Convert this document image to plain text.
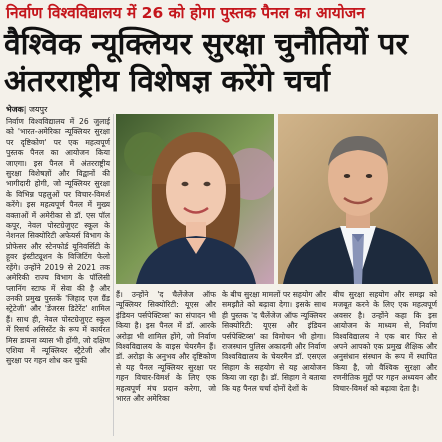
निर्वाण विश्वविद्यालय में 26 को होगा पुस्तक पैनल का आयोजन
वैश्विक न्यूक्लियर सुरक्षा चुनौतियों पर अंतरराष्ट्रीय विशेषज्ञ करेंगे चर्चा
भेजक| जयपुर

निर्वाण विश्वविद्यालय में 26 जुलाई को 'भारत-अमेरिका न्यूक्लियर सुरक्षा पर दृष्टिकोण' पर एक महत्वपूर्ण पुस्तक पैनल का आयोजन किया जाएगा। इस पैनल में अंतरराष्ट्रीय सुरक्षा विशेषज्ञों और विद्वानों की भागीदारी होगी, जो न्यूक्लियर सुरक्षा के विभिन्न पहलुओं पर विचार-विमर्श करेंगे। इस महत्वपूर्ण पैनल में मुख्य वक्ताओं में अमेरीका से डॉ. एस पॉल कपूर, नेवल पोस्टग्रेजुएट स्कूल के नेशनल सिक्योरिटी अफेयर्स विभाग के प्रोफेसर और स्टेनफोर्ड यूनिवर्सिटी के हूवर इंस्टीट्यूशन के विजिटिंग फेलो रहेंगे। उन्होंने 2019 से 2021 तक अमेरिकी राज्य विभाग के पॉलिसी प्लानिंग स्टाफ में सेवा की है और उनकी प्रमुख पुस्तकें 'जिहाद एज ग्रैंड स्ट्रेटेजी' और 'डेंजरस डिटेरेंट' शामिल हैं। साथ ही, नेवल पोस्टग्रेजुएट स्कूल में रिसर्च असिस्टेंट के रूप में कार्यरत मिस डायना व्यास भी होंगी, जो दक्षिण एशिया में न्यूक्लियर स्ट्रैटेजी और सुरक्षा पर गहन शोध कर चुकी

हैं। उन्होंने 'द चैलेंजेज ऑफ न्यूक्लियर सिक्योरिटी: यूएस और इंडियन पर्सपेक्टिव्स' का संपादन भी किया है। इस पैनल में डॉ. आरके अरोड़ा भी शामिल होंगे, जो निर्वाण विश्वविद्यालय के वाइस चेयरमैन हैं। डॉ. अरोड़ा के अनुभव और दृष्टिकोण से यह पैनल न्यूक्लियर सुरक्षा पर गहन विचार-विमर्श के लिए एक महत्वपूर्ण मंच प्रदान करेगा, जो भारत और अमेरिका

के बीच सुरक्षा मामलों पर सहयोग और समझौते को बढ़ावा देगा। इसके साथ ही पुस्तक 'द चैलेंजेज ऑफ न्यूक्लियर सिक्योरिटी: यूएस और इंडियन पर्सपेक्टिव्स' का विमोचन भी होगा। राजस्थान पुलिस अकादमी और निर्वाण विश्वविद्यालय के चेयरमैन डॉ. एसएल सिहाग के सहयोग से यह आयोजन किया जा रहा है। डॉ. सिहाग ने बताया कि यह पैनल चर्चा दोनों देशों के

बीच सुरक्षा सहयोग और समझ को मजबूत करने के लिए एक महत्वपूर्ण अवसर है। उन्होंने कहा कि इस आयोजन के माध्यम से, निर्वाण विश्वविद्यालय ने एक बार फिर से अपने आपको एक प्रमुख शैक्षिक और अनुसंधान संस्थान के रूप में स्थापित किया है, जो वैश्विक सुरक्षा और रणनीतिक मुद्दों पर गहन अध्ययन और विचार-विमर्श को बढ़ावा देता है।
